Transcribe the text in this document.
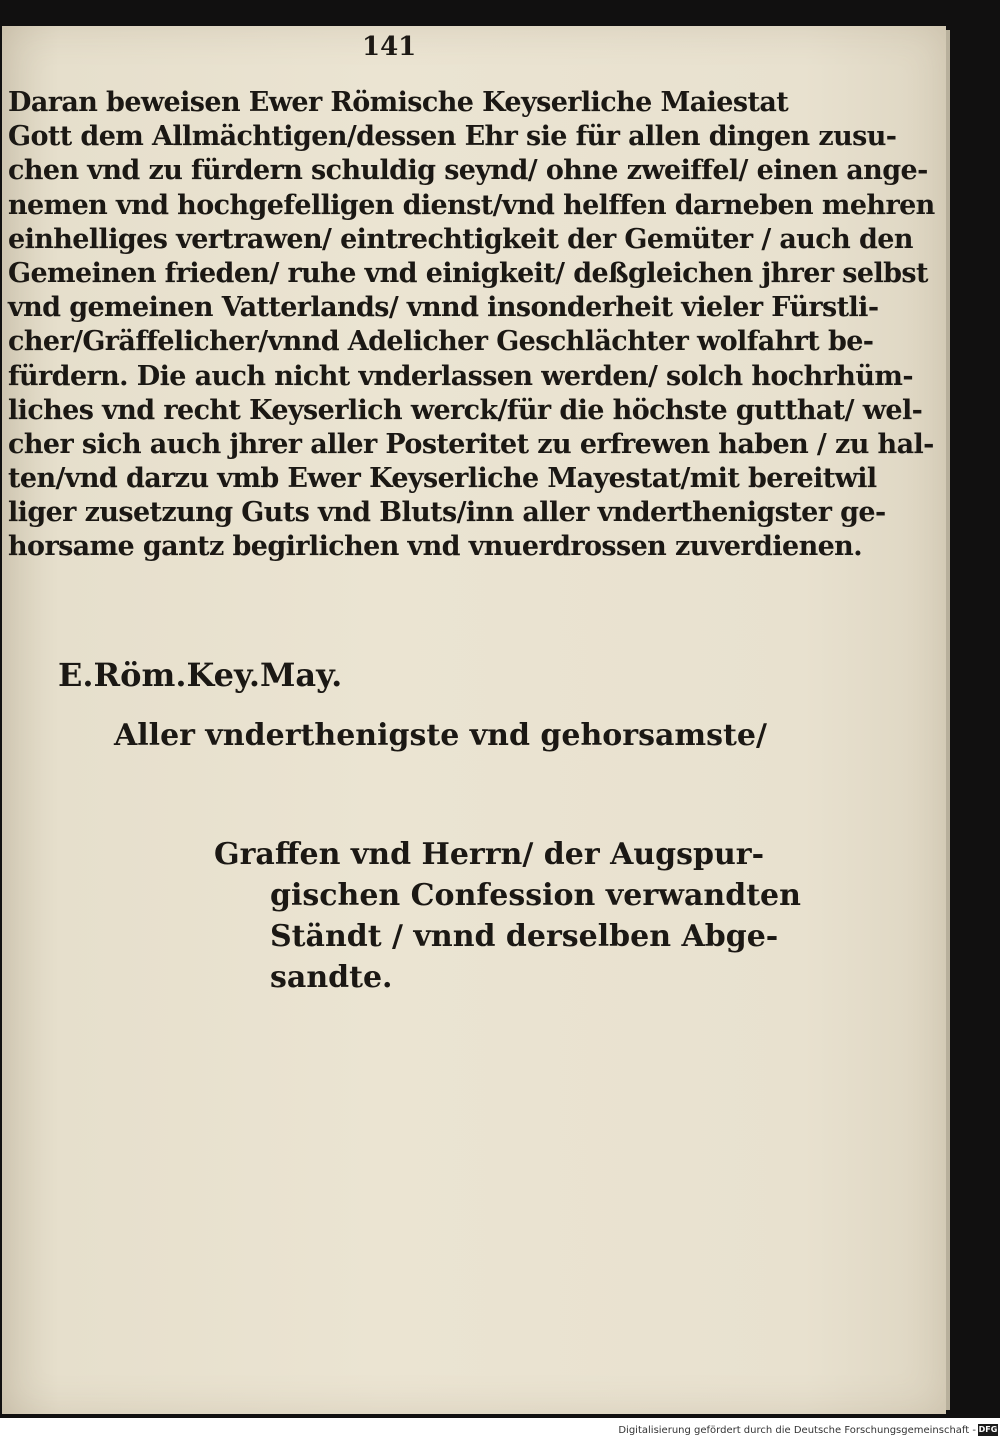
141

Daran beweisen Ewer Römische Keyserliche Maiestat
Gott dem Allmächtigen/dessen Ehr sie für allen dingen zusu-
chen vnd zu fürdern schuldig seynd/ ohne zweiffel/ einen ange-
nemen vnd hochgefelligen dienst/vnd helffen darneben mehren
einhelliges vertrawen/ eintrechtigkeit der Gemüter / auch den
Gemeinen frieden/ ruhe vnd einigkeit/ deßgleichen jhrer selbst
vnd gemeinen Vatterlands/ vnnd insonderheit vieler Fürstli-
cher/Gräffelicher/vnnd Adelicher Geschlächter wolfahrt be-
fürdern. Die auch nicht vnderlassen werden/ solch hochrhüm-
liches vnd recht Keyserlich werck/für die höchste gutthat/ wel-
cher sich auch jhrer aller Posteritet zu erfrewen haben / zu hal-
ten/vnd darzu vmb Ewer Keyserliche Mayestat/mit bereitwil
liger zusetzung Guts vnd Bluts/inn aller vnderthenigster ge-
horsame gantz begirlichen vnd vnuerdrossen zuverdienen.

E.Röm.Key.May.

Aller vnderthenigste vnd gehorsamste/

Graffen vnd Herrn/ der Augspur-
gischen Confession verwandten
Ständt / vnnd derselben Abge-
sandte.

Digitalisierung gefördert durch die Deutsche Forschungsgemeinschaft - DFG
